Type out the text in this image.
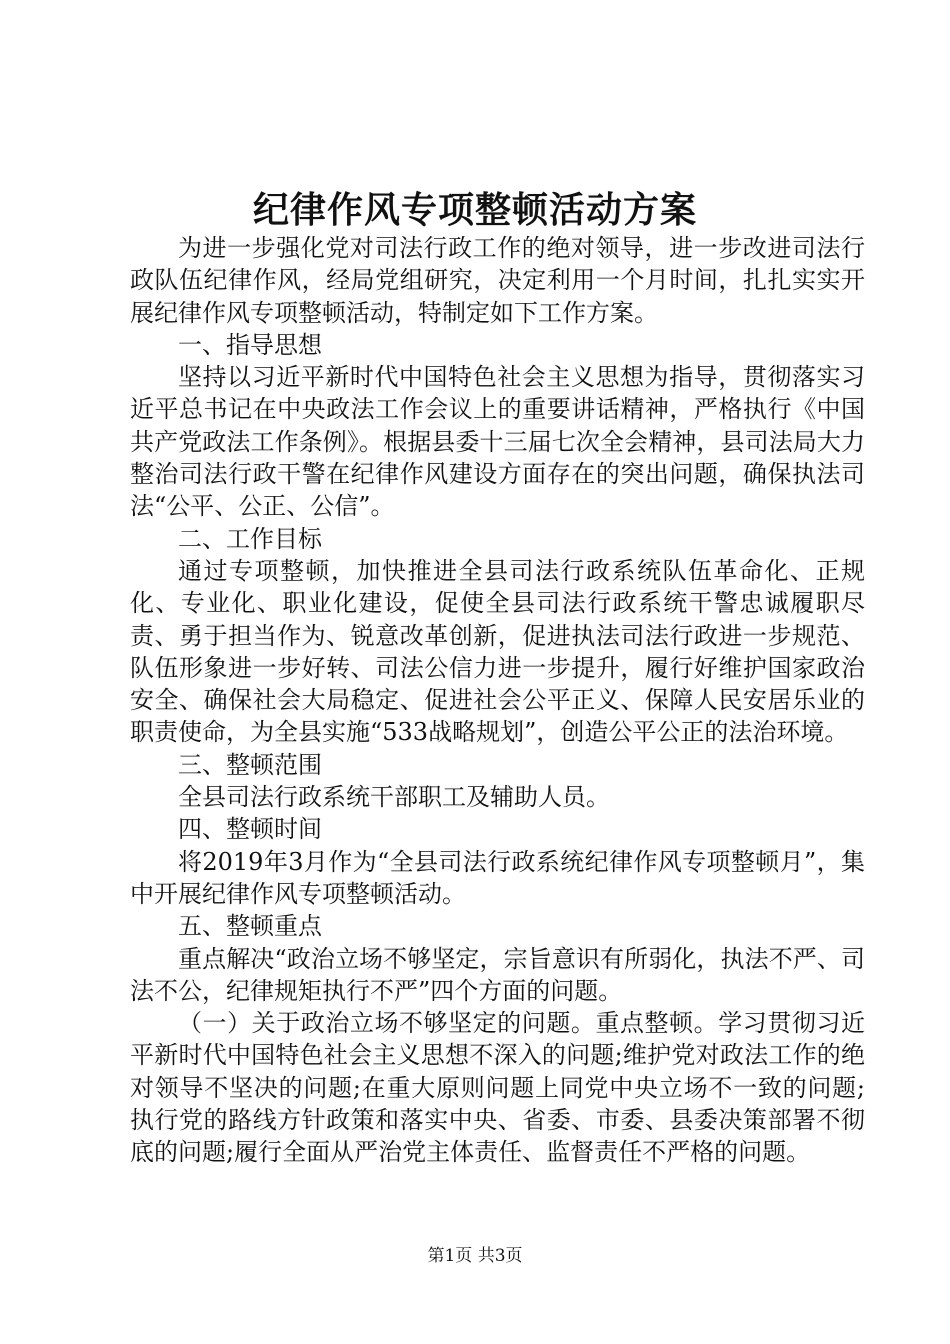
纪律作风专项整顿活动方案

为进一步强化党对司法行政工作的绝对领导，进一步改进司法行政队伍纪律作风，经局党组研究，决定利用一个月时间，扎扎实实开展纪律作风专项整顿活动，特制定如下工作方案。

一、指导思想

坚持以习近平新时代中国特色社会主义思想为指导，贯彻落实习近平总书记在中央政法工作会议上的重要讲话精神，严格执行《中国共产党政法工作条例》。根据县委十三届七次全会精神，县司法局大力整治司法行政干警在纪律作风建设方面存在的突出问题，确保执法司法“公平、公正、公信”。

二、工作目标

通过专项整顿，加快推进全县司法行政系统队伍革命化、正规化、专业化、职业化建设，促使全县司法行政系统干警忠诚履职尽责、勇于担当作为、锐意改革创新，促进执法司法行政进一步规范、队伍形象进一步好转、司法公信力进一步提升，履行好维护国家政治安全、确保社会大局稳定、促进社会公平正义、保障人民安居乐业的职责使命，为全县实施“533战略规划”，创造公平公正的法治环境。

三、整顿范围

全县司法行政系统干部职工及辅助人员。

四、整顿时间

将2019年3月作为“全县司法行政系统纪律作风专项整顿月”，集中开展纪律作风专项整顿活动。

五、整顿重点

重点解决“政治立场不够坚定，宗旨意识有所弱化，执法不严、司法不公，纪律规矩执行不严”四个方面的问题。

（一）关于政治立场不够坚定的问题。重点整顿。学习贯彻习近平新时代中国特色社会主义思想不深入的问题;维护党对政法工作的绝对领导不坚决的问题;在重大原则问题上同党中央立场不一致的问题;执行党的路线方针政策和落实中央、省委、市委、县委决策部署不彻底的问题;履行全面从严治党主体责任、监督责任不严格的问题。

第1页 共3页
